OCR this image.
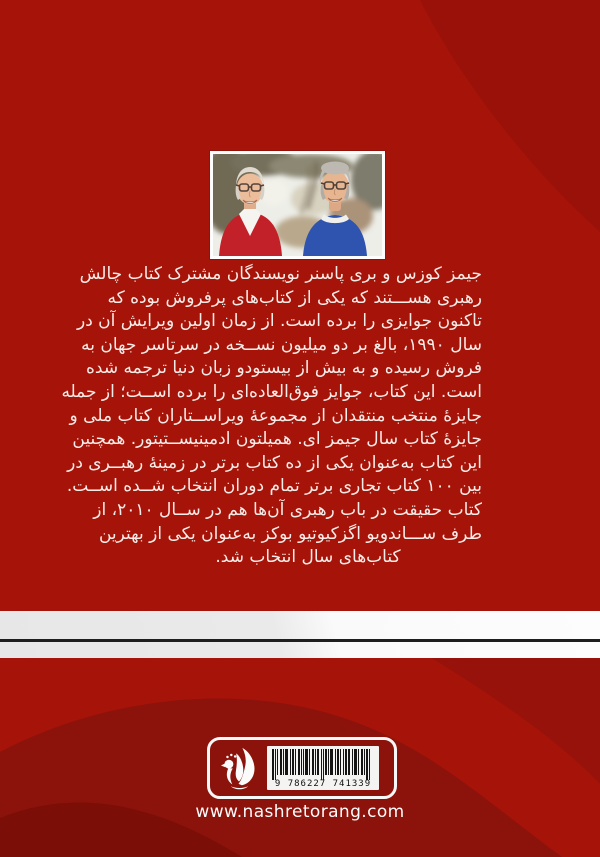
جیمز کوزس و بری پاسنر نویسندگان مشترک کتاب چالش
رهبری هســـتند که یکی از کتاب‌های پرفروش بوده که
تاکنون جوایزی را برده است. از زمان اولین ویرایش آن در
سال ۱۹۹۰، بالغ بر دو میلیون نســخه در سرتاسر جهان به
فروش رسیده و به بیش از بیستودو زبان دنیا ترجمه شده
است. این کتاب، جوایز فوق‌العاده‌ای را برده اســت؛ از جمله
جایزهٔ منتخب منتقدان از مجموعهٔ ویراســتاران کتاب ملی و
جایزهٔ کتاب سال جیمز ای. همیلتون ادمینیســتیتور. همچنین
این کتاب به‌عنوان یکی از ده کتاب برتر در زمینهٔ رهبــری در
بین ۱۰۰ کتاب تجاری برتر تمام دوران انتخاب شــده اســت.
کتاب حقیقت در باب رهبری آن‌ها هم در ســال ۲۰۱۰، از
طرف ســـاندویو اگزکیوتیو بوکز به‌عنوان یکی از بهترین
کتاب‌های سال انتخاب شد.
9 786227 741339
www.nashretorang.com
